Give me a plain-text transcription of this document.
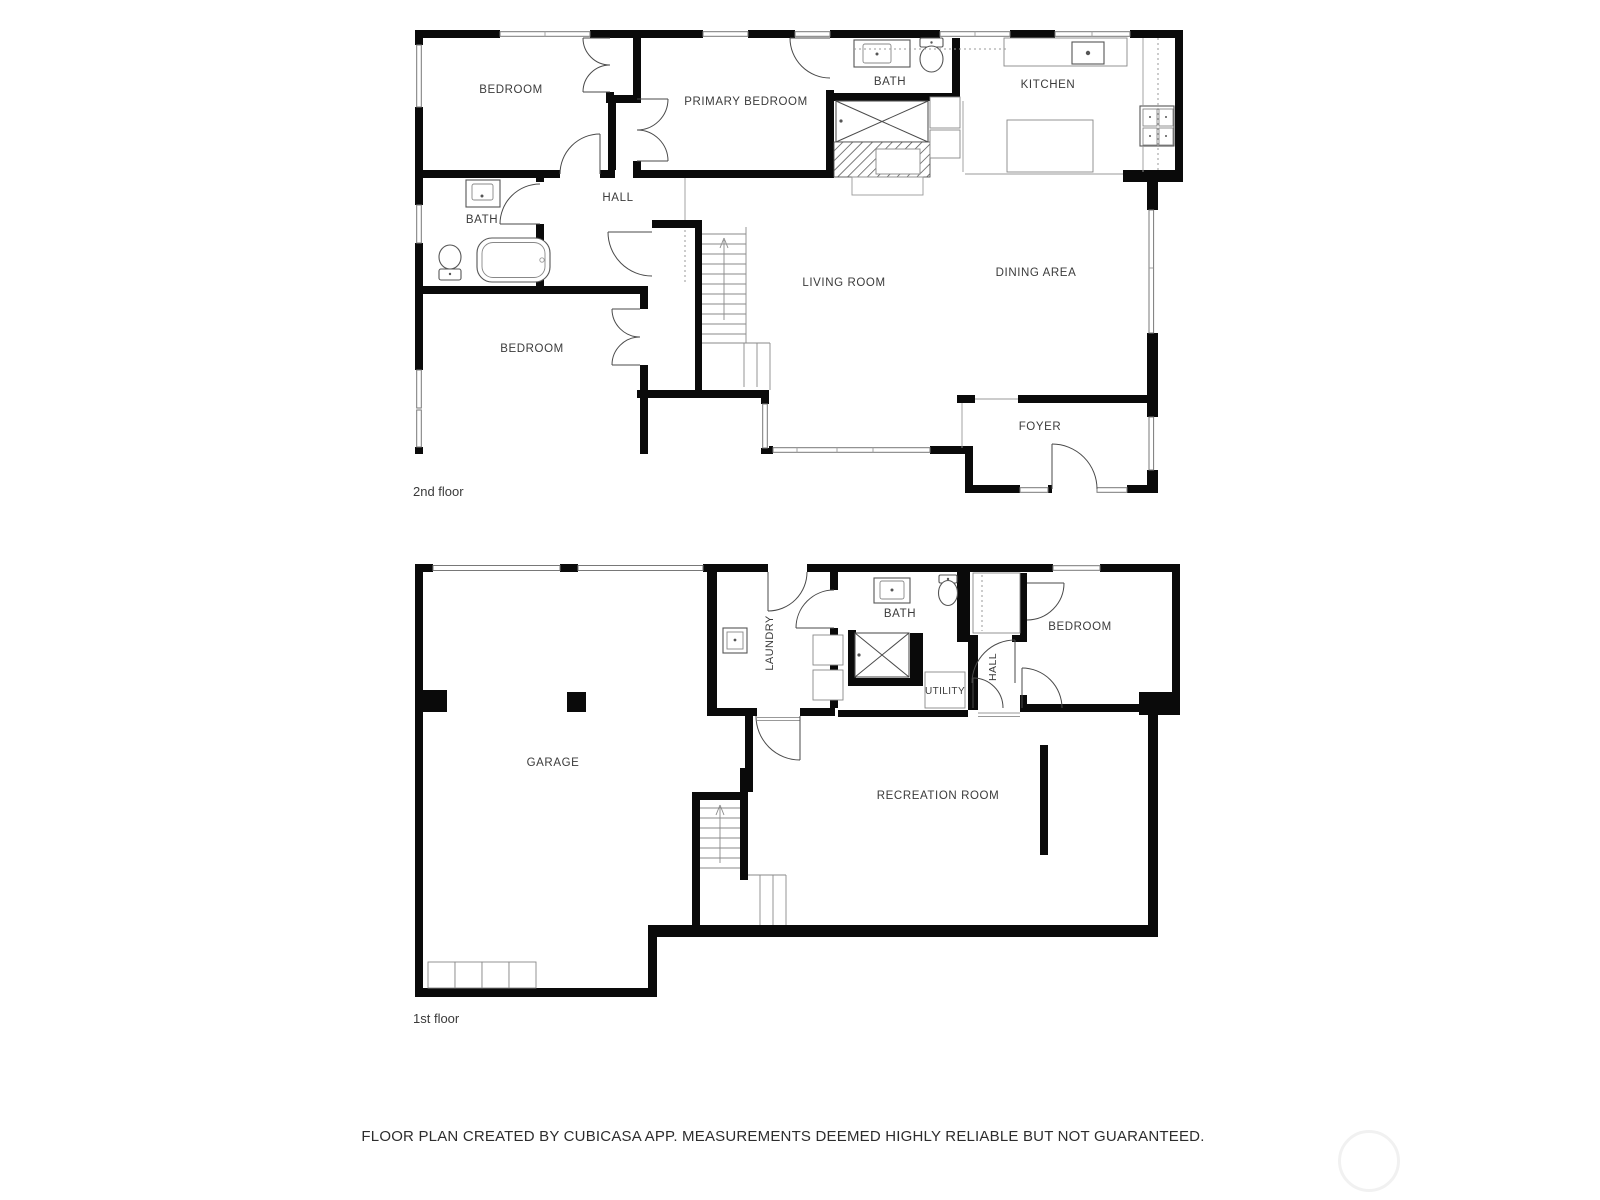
BEDROOM
PRIMARY BEDROOM
BATH	KITCHEN
HALL
BATH
LIVING ROOM
DINING AREA
BEDROOM
FOYER
2nd floor
LAUNDRY
BATH
UTILITY
HALL
BEDROOM
GARAGE
RECREATION ROOM
1st floor
FLOOR PLAN CREATED BY CUBICASA APP. MEASUREMENTS DEEMED HIGHLY RELIABLE BUT NOT GUARANTEED.
